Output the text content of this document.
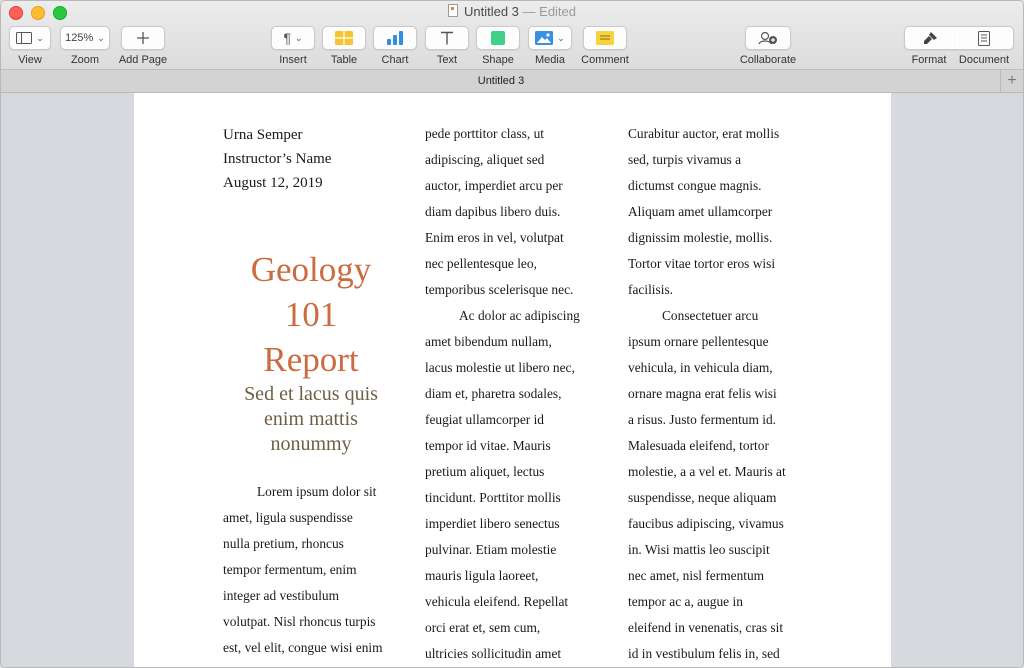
Untitled 3 — Edited
⌄
View
125% ⌄
Zoom	Add Page
¶ ⌄
Insert	Table	Chart	Text	Shape
⌄
Media	Comment	Collaborate	Format	Document
Untitled 3	+
Urna Semper
Instructor’s Name
August 12, 2019
Geology
101
Report
Sed et lacus quis
enim mattis
nonummy
Lorem ipsum dolor sit
amet, ligula suspendisse
nulla pretium, rhoncus
tempor fermentum, enim
integer ad vestibulum
volutpat. Nisl rhoncus turpis
est, vel elit, congue wisi enim
pede porttitor class, ut
adipiscing, aliquet sed
auctor, imperdiet arcu per
diam dapibus libero duis.
Enim eros in vel, volutpat
nec pellentesque leo,
temporibus scelerisque nec.
Ac dolor ac adipiscing
amet bibendum nullam,
lacus molestie ut libero nec,
diam et, pharetra sodales,
feugiat ullamcorper id
tempor id vitae. Mauris
pretium aliquet, lectus
tincidunt. Porttitor mollis
imperdiet libero senectus
pulvinar. Etiam molestie
mauris ligula laoreet,
vehicula eleifend. Repellat
orci erat et, sem cum,
ultricies sollicitudin amet
Curabitur auctor, erat mollis
sed, turpis vivamus a
dictumst congue magnis.
Aliquam amet ullamcorper
dignissim molestie, mollis.
Tortor vitae tortor eros wisi
facilisis.
Consectetuer arcu
ipsum ornare pellentesque
vehicula, in vehicula diam,
ornare magna erat felis wisi
a risus. Justo fermentum id.
Malesuada eleifend, tortor
molestie, a a vel et. Mauris at
suspendisse, neque aliquam
faucibus adipiscing, vivamus
in. Wisi mattis leo suscipit
nec amet, nisl fermentum
tempor ac a, augue in
eleifend in venenatis, cras sit
id in vestibulum felis in, sed
